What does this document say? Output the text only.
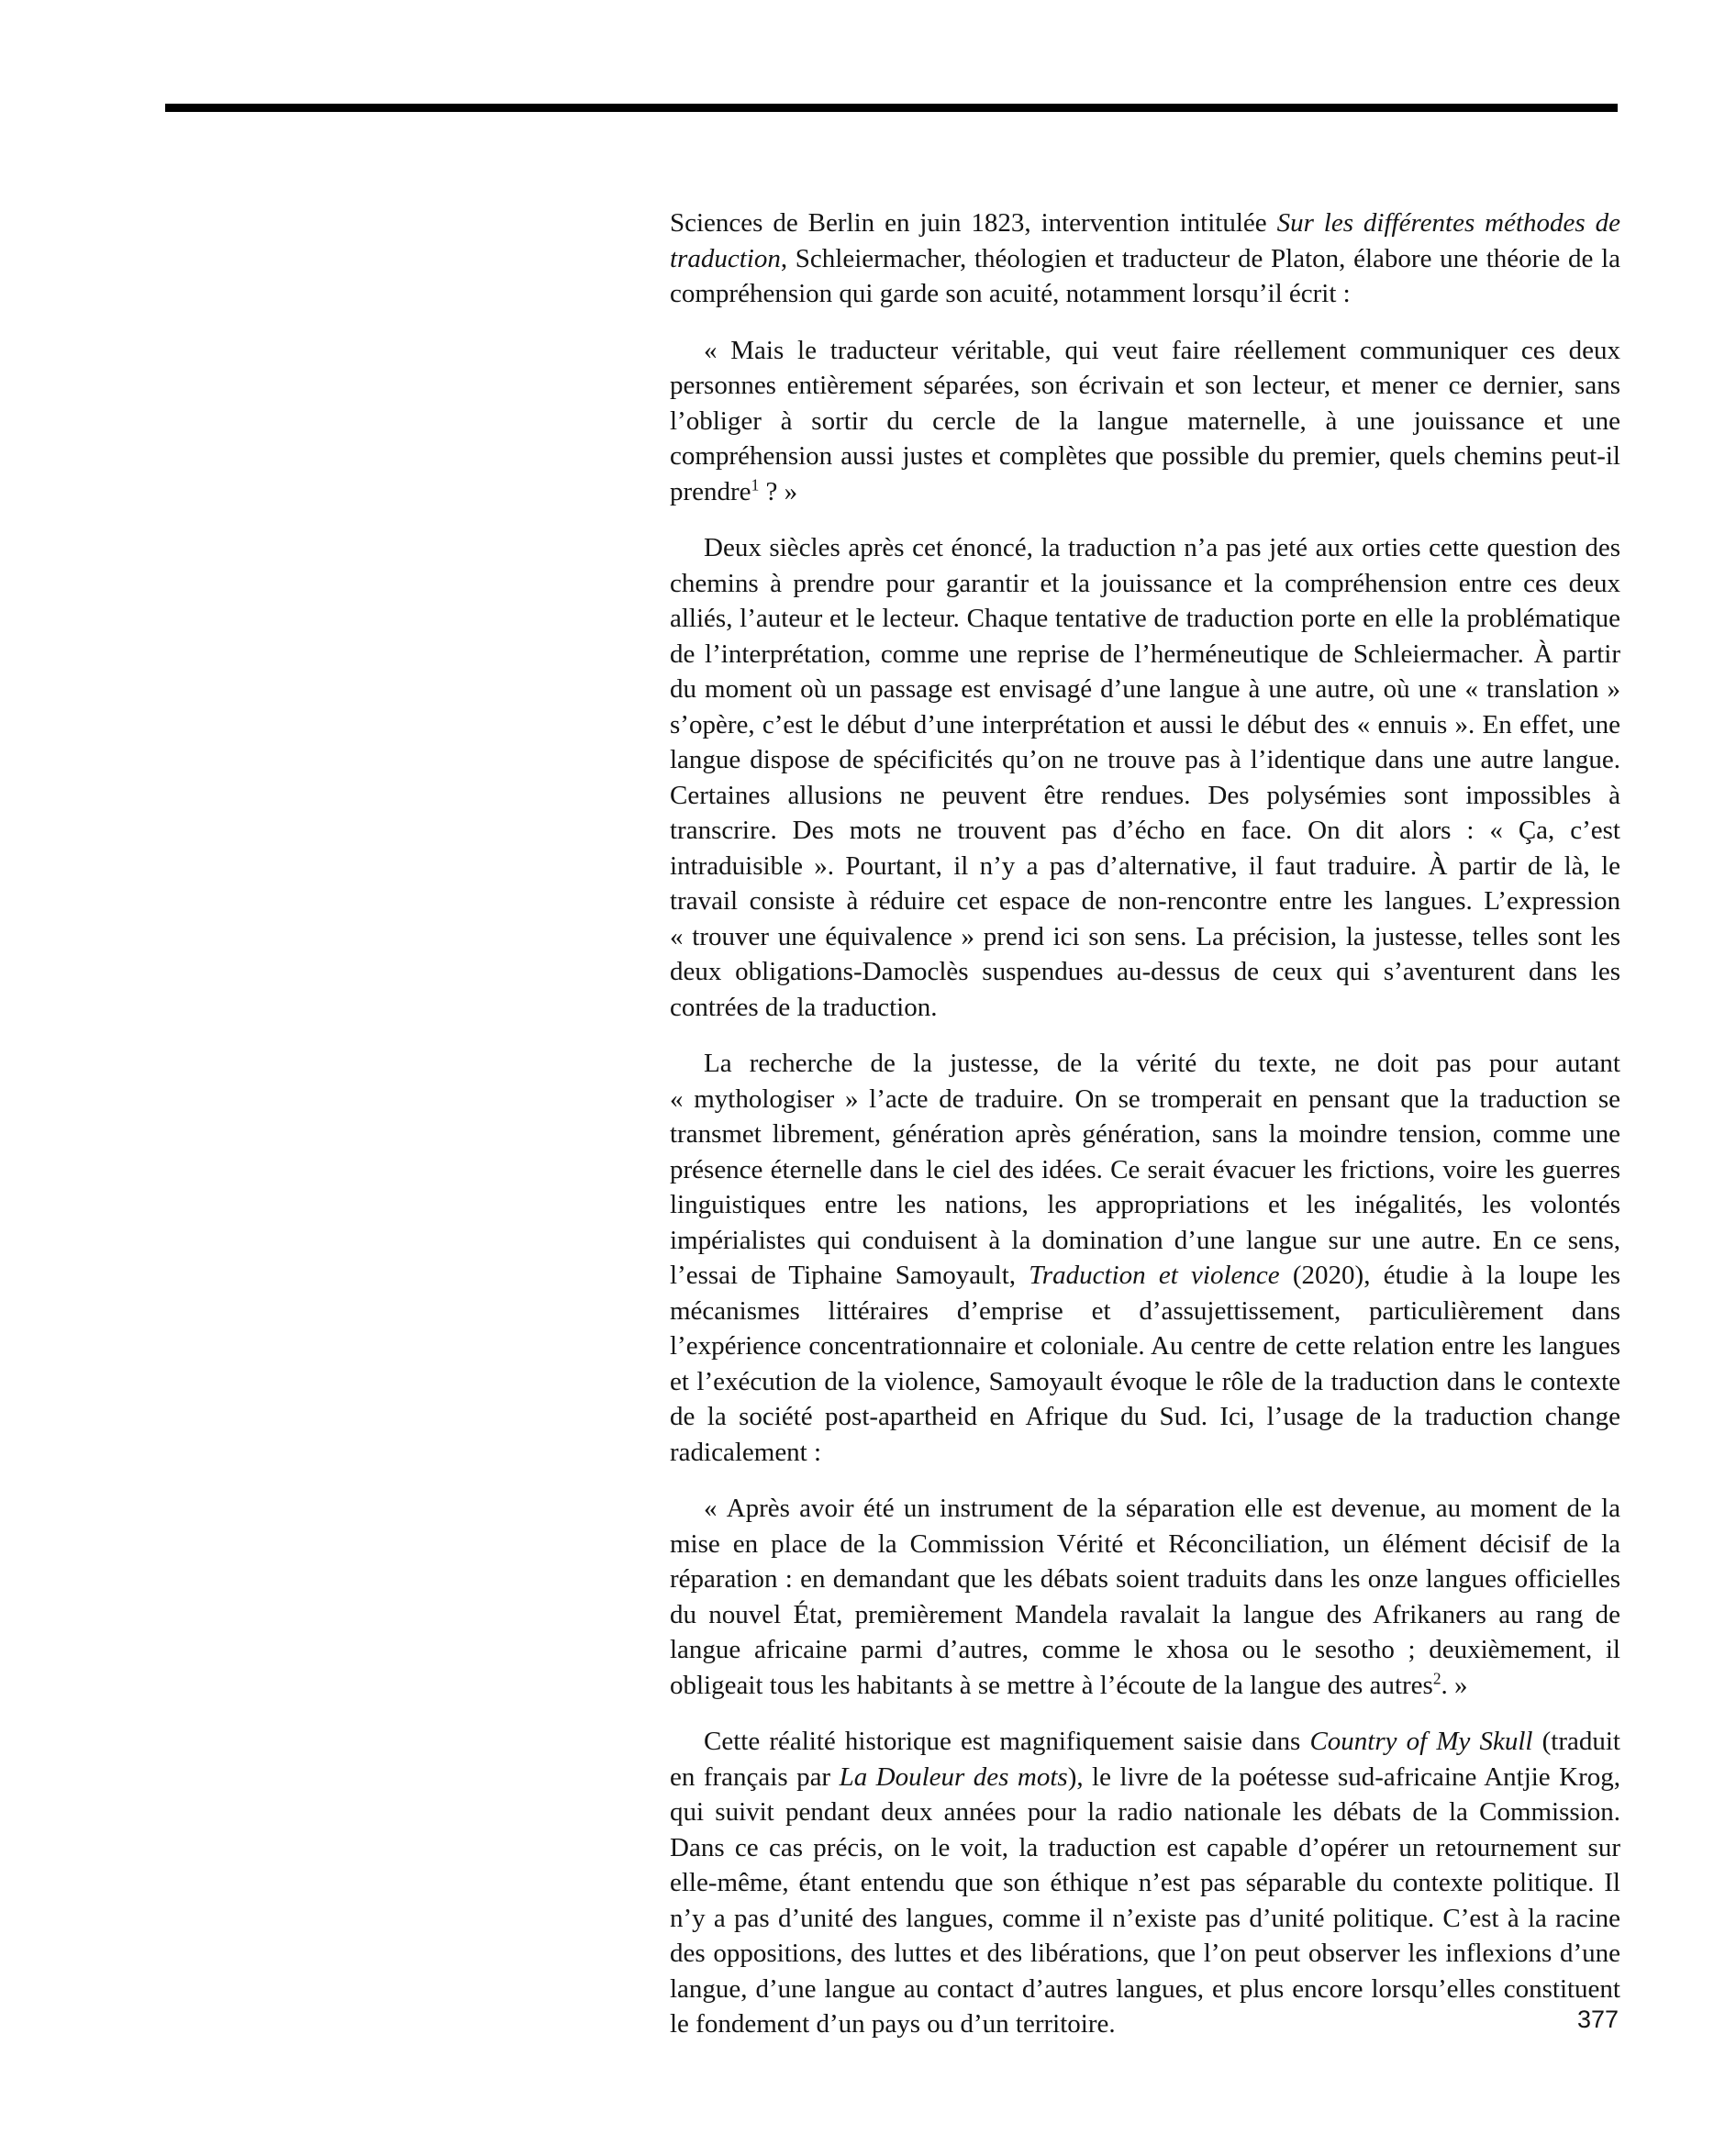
Sciences de Berlin en juin 1823, intervention intitulée Sur les différentes méthodes de traduction, Schleiermacher, théologien et traducteur de Platon, élabore une théorie de la compréhension qui garde son acuité, notamment lorsqu’il écrit :

« Mais le traducteur véritable, qui veut faire réellement communiquer ces deux personnes entièrement séparées, son écrivain et son lecteur, et mener ce dernier, sans l’obliger à sortir du cercle de la langue maternelle, à une jouissance et une compréhension aussi justes et complètes que possible du premier, quels chemins peut-il prendre$^1$ ? »

Deux siècles après cet énoncé, la traduction n’a pas jeté aux orties cette question des chemins à prendre pour garantir et la jouissance et la compréhension entre ces deux alliés, l’auteur et le lecteur. Chaque tentative de traduction porte en elle la problématique de l’interprétation, comme une reprise de l’herméneutique de Schleiermacher. À partir du moment où un passage est envisagé d’une langue à une autre, où une « translation » s’opère, c’est le début d’une interprétation et aussi le début des « ennuis ». En effet, une langue dispose de spécificités qu’on ne trouve pas à l’identique dans une autre langue. Certaines allusions ne peuvent être rendues. Des polysémies sont impossibles à transcrire. Des mots ne trouvent pas d’écho en face. On dit alors : « Ça, c’est intraduisible ». Pourtant, il n’y a pas d’alternative, il faut traduire. À partir de là, le travail consiste à réduire cet espace de non-rencontre entre les langues. L’expression « trouver une équivalence » prend ici son sens. La précision, la justesse, telles sont les deux obligations-Damoclès suspendues au-dessus de ceux qui s’aventurent dans les contrées de la traduction.

La recherche de la justesse, de la vérité du texte, ne doit pas pour autant « mythologiser » l’acte de traduire. On se tromperait en pensant que la traduction se transmet librement, génération après génération, sans la moindre tension, comme une présence éternelle dans le ciel des idées. Ce serait évacuer les frictions, voire les guerres linguistiques entre les nations, les appropriations et les inégalités, les volontés impérialistes qui conduisent à la domination d’une langue sur une autre. En ce sens, l’essai de Tiphaine Samoyault, Traduction et violence (2020), étudie à la loupe les mécanismes littéraires d’emprise et d’assujettissement, particulièrement dans l’expérience concentrationnaire et coloniale. Au centre de cette relation entre les langues et l’exécution de la violence, Samoyault évoque le rôle de la traduction dans le contexte de la société post-apartheid en Afrique du Sud. Ici, l’usage de la traduction change radicalement :

« Après avoir été un instrument de la séparation elle est devenue, au moment de la mise en place de la Commission Vérité et Réconciliation, un élément décisif de la réparation : en demandant que les débats soient traduits dans les onze langues officielles du nouvel État, premièrement Mandela ravalait la langue des Afrikaners au rang de langue africaine parmi d’autres, comme le xhosa ou le sesotho ; deuxièmement, il obligeait tous les habitants à se mettre à l’écoute de la langue des autres$^2$. »

Cette réalité historique est magnifiquement saisie dans Country of My Skull (traduit en français par La Douleur des mots), le livre de la poétesse sud-africaine Antjie Krog, qui suivit pendant deux années pour la radio nationale les débats de la Commission. Dans ce cas précis, on le voit, la traduction est capable d’opérer un retournement sur elle-même, étant entendu que son éthique n’est pas séparable du contexte politique. Il n’y a pas d’unité des langues, comme il n’existe pas d’unité politique. C’est à la racine des oppositions, des luttes et des libérations, que l’on peut observer les inflexions d’une langue, d’une langue au contact d’autres langues, et plus encore lorsqu’elles constituent le fondement d’un pays ou d’un territoire.	377
